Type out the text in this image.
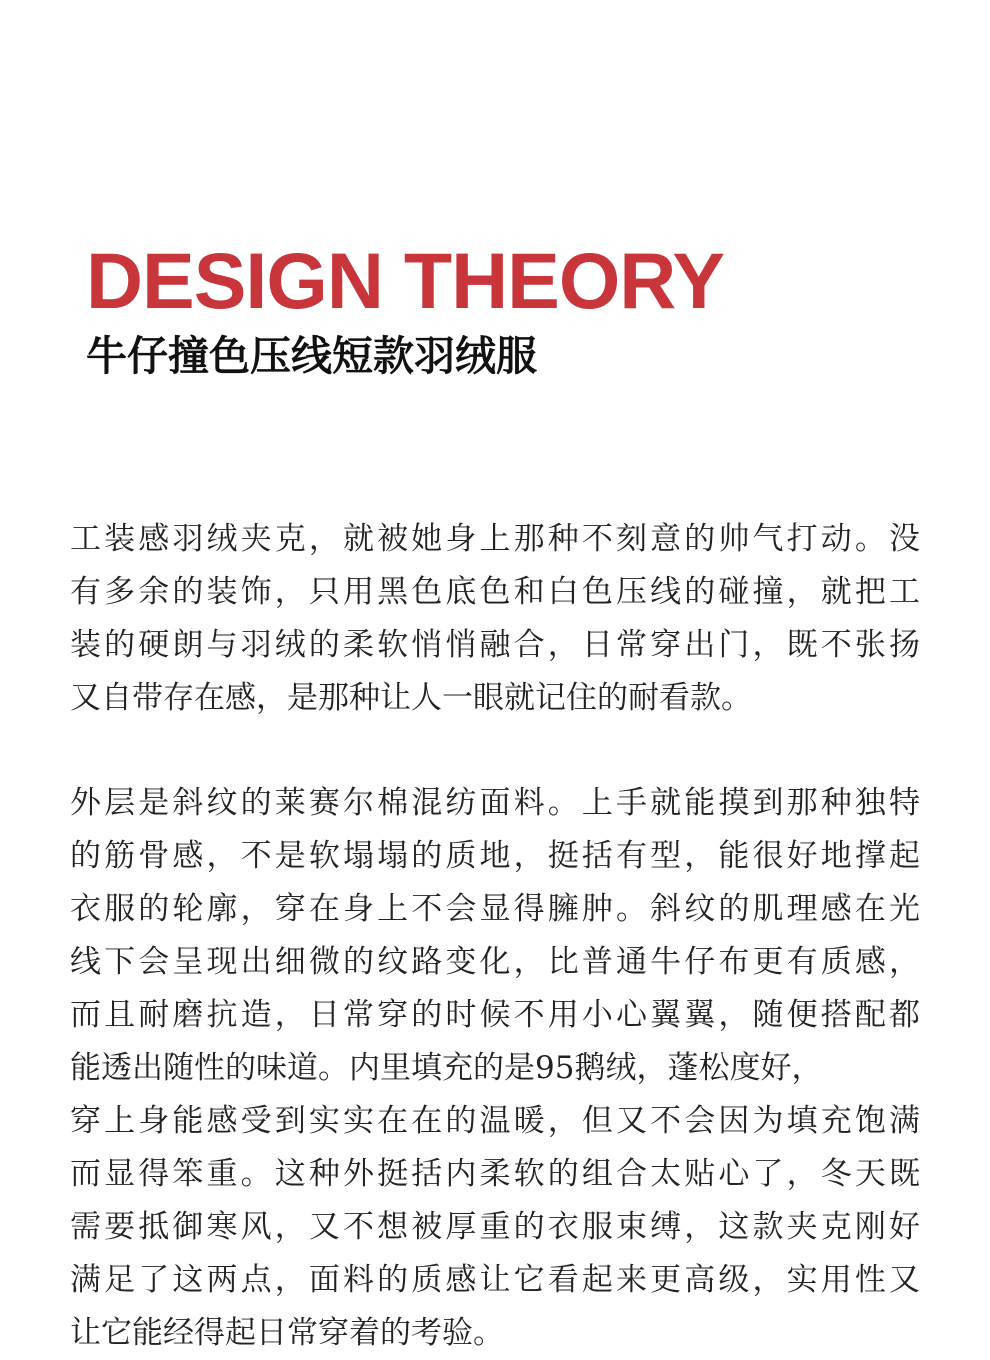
DESIGN THEORY
牛仔撞色压线短款羽绒服

工装感羽绒夹克，就被她身上那种不刻意的帅气打动。没
有多余的装饰，只用黑色底色和白色压线的碰撞，就把工
装的硬朗与羽绒的柔软悄悄融合，日常穿出门，既不张扬
又自带存在感，是那种让人一眼就记住的耐看款。

外层是斜纹的莱赛尔棉混纺面料。上手就能摸到那种独特
的筋骨感，不是软塌塌的质地，挺括有型，能很好地撑起
衣服的轮廓，穿在身上不会显得臃肿。斜纹的肌理感在光
线下会呈现出细微的纹路变化，比普通牛仔布更有质感，
而且耐磨抗造，日常穿的时候不用小心翼翼，随便搭配都
能透出随性的味道。内里填充的是95鹅绒，蓬松度好，
穿上身能感受到实实在在的温暖，但又不会因为填充饱满
而显得笨重。这种外挺括内柔软的组合太贴心了，冬天既
需要抵御寒风，又不想被厚重的衣服束缚，这款夹克刚好
满足了这两点，面料的质感让它看起来更高级，实用性又
让它能经得起日常穿着的考验。
